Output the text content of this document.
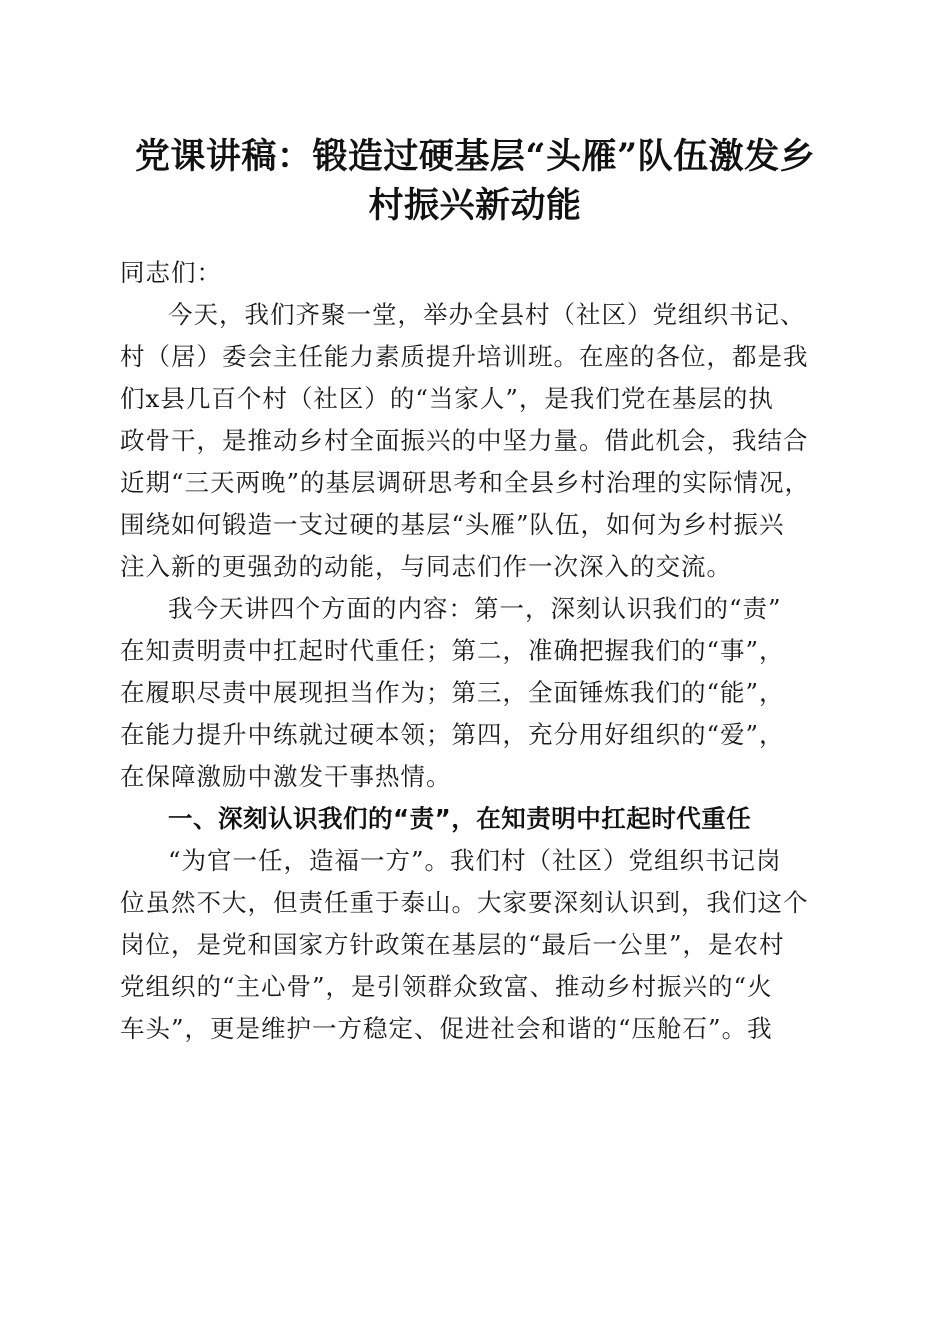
党课讲稿：锻造过硬基层“头雁”队伍激发乡
村振兴新动能
同志们：
今天，我们齐聚一堂，举办全县村（社区）党组织书记、
村（居）委会主任能力素质提升培训班。在座的各位，都是我
们x县几百个村（社区）的“当家人”，是我们党在基层的执
政骨干，是推动乡村全面振兴的中坚力量。借此机会，我结合
近期“三天两晚”的基层调研思考和全县乡村治理的实际情况，
围绕如何锻造一支过硬的基层“头雁”队伍，如何为乡村振兴
注入新的更强劲的动能，与同志们作一次深入的交流。
我今天讲四个方面的内容：第一，深刻认识我们的“责”
在知责明责中扛起时代重任；第二，准确把握我们的“事”，
在履职尽责中展现担当作为；第三，全面锤炼我们的“能”，
在能力提升中练就过硬本领；第四，充分用好组织的“爱”，
在保障激励中激发干事热情。
一、深刻认识我们的“责”，在知责明中扛起时代重任
“为官一任，造福一方”。我们村（社区）党组织书记岗
位虽然不大，但责任重于泰山。大家要深刻认识到，我们这个
岗位，是党和国家方针政策在基层的“最后一公里”，是农村
党组织的“主心骨”，是引领群众致富、推动乡村振兴的“火
车头”，更是维护一方稳定、促进社会和谐的“压舱石”。我
